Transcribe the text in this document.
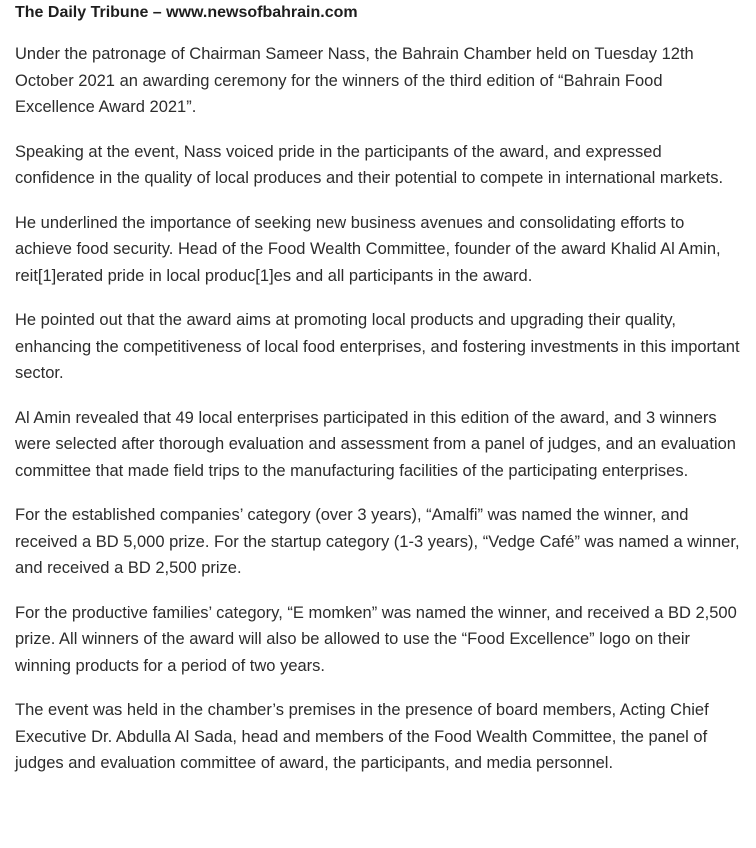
The Daily Tribune – www.newsofbahrain.com

Under the patronage of Chairman Sameer Nass, the Bahrain Chamber held on Tuesday 12th October 2021 an awarding ceremony for the winners of the third edition of “Bahrain Food Excellence Award 2021”.

Speaking at the event, Nass voiced pride in the participants of the award, and expressed confidence in the quality of local produces and their potential to compete in international markets.

He underlined the importance of seeking new business avenues and consolidating efforts to achieve food security. Head of the Food Wealth Committee, founder of the award Khalid Al Amin, reit[1]erated pride in local produc[1]es and all participants in the award.

He pointed out that the award aims at promoting local products and upgrading their quality, enhancing the competitiveness of local food enterprises, and fostering investments in this important sector.

Al Amin revealed that 49 local enterprises participated in this edition of the award, and 3 winners were selected after thorough evaluation and assessment from a panel of judges, and an evaluation committee that made field trips to the manufacturing facilities of the participating enterprises.

For the established companies’ category (over 3 years), “Amalfi” was named the winner, and received a BD 5,000 prize. For the startup category (1-3 years), “Vedge Café” was named a winner, and received a BD 2,500 prize.

For the productive families’ category, “E momken” was named the winner, and received a BD 2,500 prize. All winners of the award will also be allowed to use the “Food Excellence” logo on their winning products for a period of two years.

The event was held in the chamber’s premises in the presence of board members, Acting Chief Executive Dr. Abdulla Al Sada, head and members of the Food Wealth Committee, the panel of judges and evaluation committee of award, the participants, and media personnel.
